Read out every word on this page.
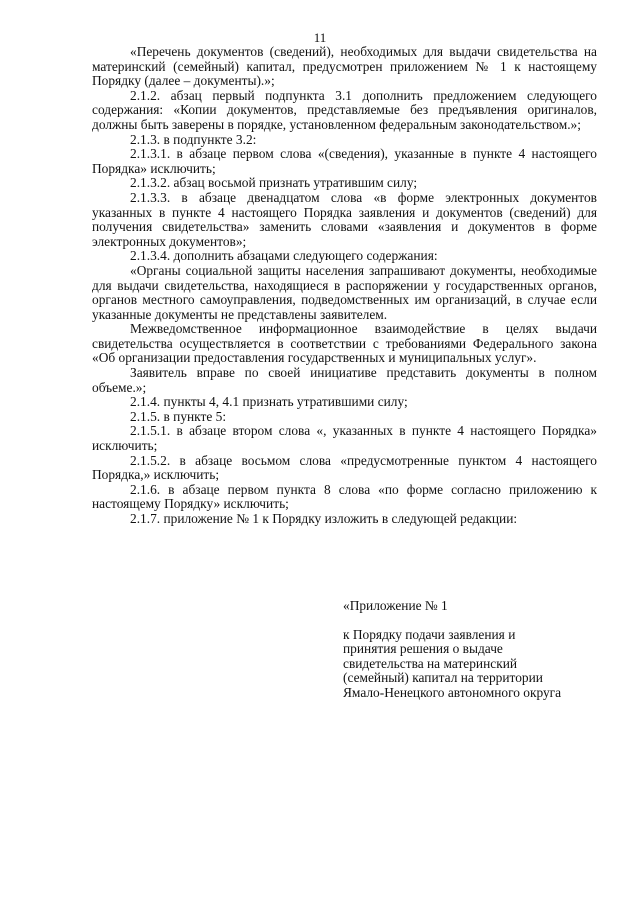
11

«Перечень документов (сведений), необходимых для выдачи свидетельства на материнский (семейный) капитал, предусмотрен приложением № 1 к настоящему Порядку (далее – документы).»;

2.1.2. абзац первый подпункта 3.1 дополнить предложением следующего содержания: «Копии документов, представляемые без предъявления оригиналов, должны быть заверены в порядке, установленном федеральным законодательством.»;

2.1.3. в подпункте 3.2:

2.1.3.1. в абзаце первом слова «(сведения), указанные в пункте 4 настоящего Порядка» исключить;

2.1.3.2. абзац восьмой признать утратившим силу;

2.1.3.3. в абзаце двенадцатом слова «в форме электронных документов указанных в пункте 4 настоящего Порядка заявления и документов (сведений) для получения свидетельства» заменить словами «заявления и документов в форме электронных документов»;

2.1.3.4. дополнить абзацами следующего содержания:

«Органы социальной защиты населения запрашивают документы, необходимые для выдачи свидетельства, находящиеся в распоряжении у государственных органов, органов местного самоуправления, подведомственных им организаций, в случае если указанные документы не представлены заявителем.

Межведомственное информационное взаимодействие в целях выдачи свидетельства осуществляется в соответствии с требованиями Федерального закона «Об организации предоставления государственных и муниципальных услуг».

Заявитель вправе по своей инициативе представить документы в полном объеме.»;

2.1.4. пункты 4, 4.1 признать утратившими силу;

2.1.5. в пункте 5:

2.1.5.1. в абзаце втором слова «, указанных в пункте 4 настоящего Порядка» исключить;

2.1.5.2. в абзаце восьмом слова «предусмотренные пунктом 4 настоящего Порядка,» исключить;

2.1.6. в абзаце первом пункта 8 слова «по форме согласно приложению к настоящему Порядку» исключить;

2.1.7. приложение № 1 к Порядку изложить в следующей редакции:

«Приложение № 1

к Порядку подачи заявления и

принятия решения о выдаче

свидетельства на материнский

(семейный) капитал на территории

Ямало-Ненецкого автономного округа
